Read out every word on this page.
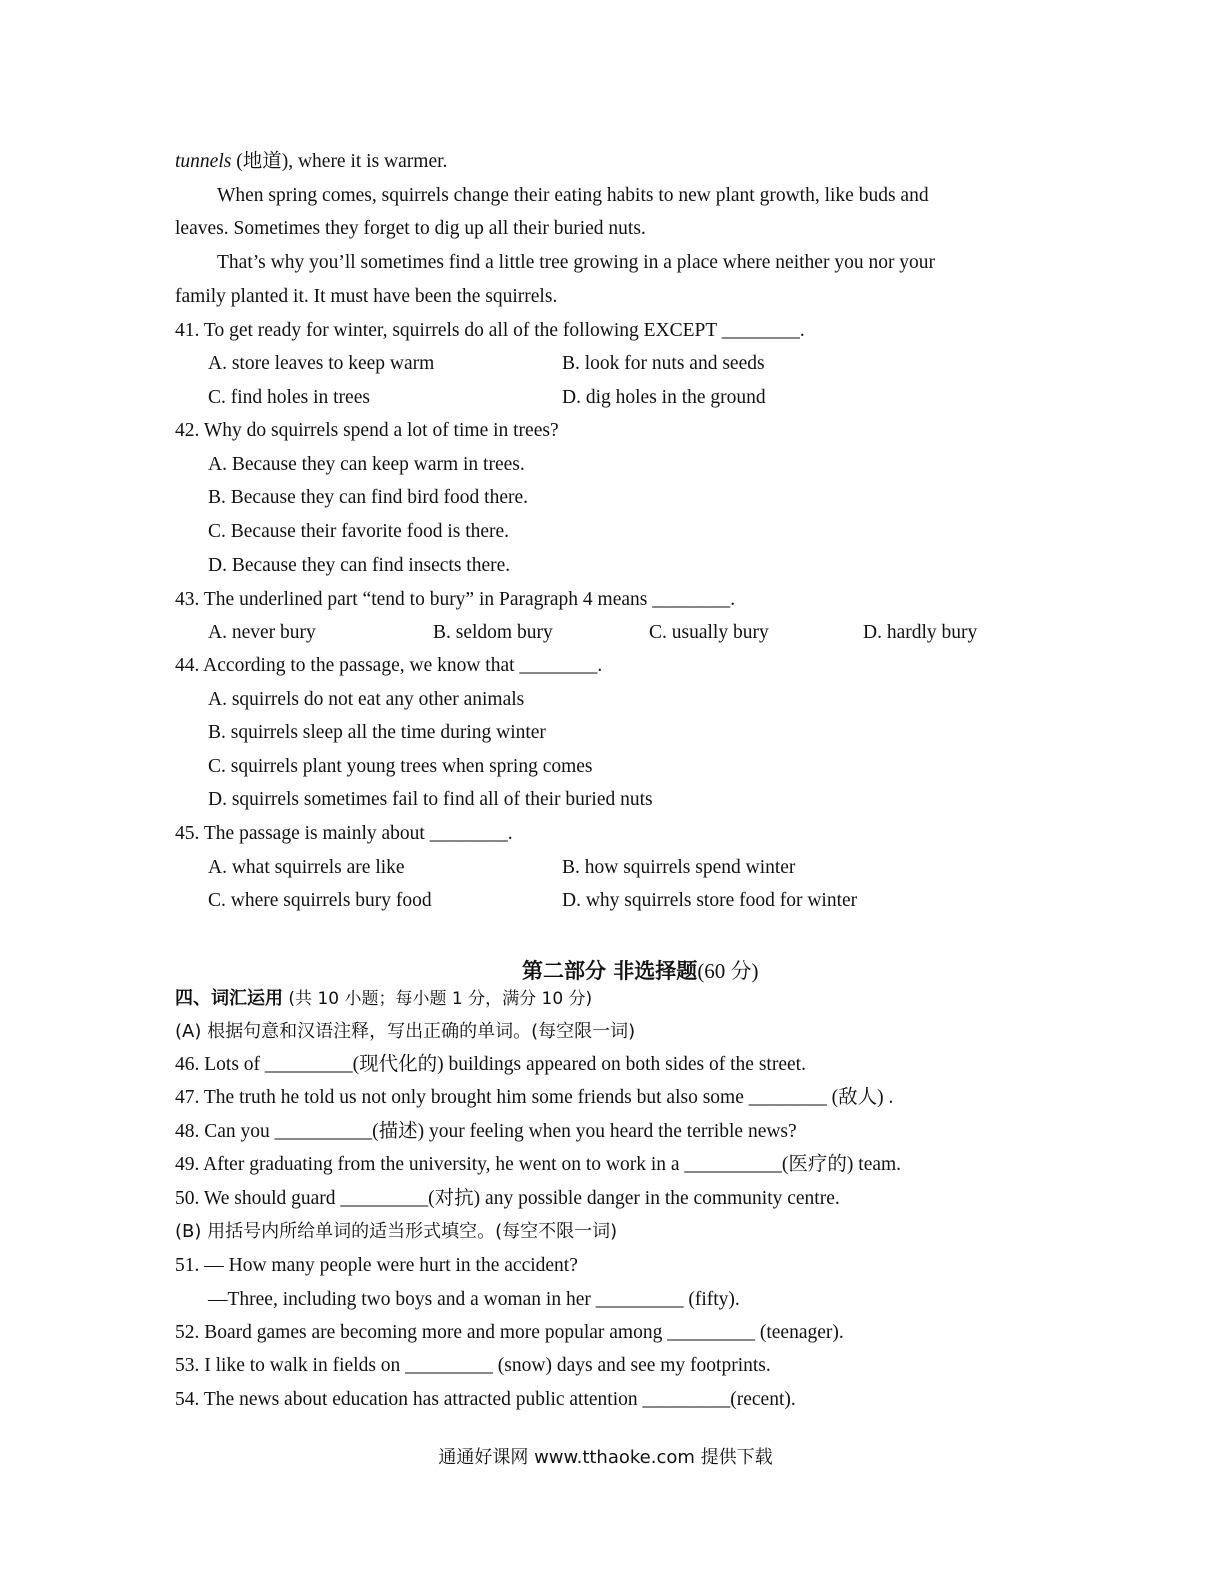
tunnels (地道), where it is warmer.
When spring comes, squirrels change their eating habits to new plant growth, like buds and
leaves. Sometimes they forget to dig up all their buried nuts.
That’s why you’ll sometimes find a little tree growing in a place where neither you nor your
family planted it. It must have been the squirrels.
41. To get ready for winter, squirrels do all of the following EXCEPT ________.
A. store leaves to keep warm	B. look for nuts and seeds
C. find holes in trees	D. dig holes in the ground
42. Why do squirrels spend a lot of time in trees?
A. Because they can keep warm in trees.
B. Because they can find bird food there.
C. Because their favorite food is there.
D. Because they can find insects there.
43. The underlined part “tend to bury” in Paragraph 4 means ________.
A. never bury	B. seldom bury	C. usually bury	D. hardly bury
44. According to the passage, we know that ________.
A. squirrels do not eat any other animals
B. squirrels sleep all the time during winter
C. squirrels plant young trees when spring comes
D. squirrels sometimes fail to find all of their buried nuts
45. The passage is mainly about ________.
A. what squirrels are like	B. how squirrels spend winter
C. where squirrels bury food	D. why squirrels store food for winter
第二部分 非选择题(60 分)
四、词汇运用 (共 10 小题；每小题 1 分，满分 10 分)
(A) 根据句意和汉语注释，写出正确的单词。(每空限一词)
46. Lots of _________(现代化的) buildings appeared on both sides of the street.
47. The truth he told us not only brought him some friends but also some ________ (敌人) .
48. Can you __________(描述) your feeling when you heard the terrible news?
49. After graduating from the university, he went on to work in a __________(医疗的) team.
50. We should guard _________(对抗) any possible danger in the community centre.
(B) 用括号内所给单词的适当形式填空。(每空不限一词)
51. — How many people were hurt in the accident?
—Three, including two boys and a woman in her _________ (fifty).
52. Board games are becoming more and more popular among _________ (teenager).
53. I like to walk in fields on _________ (snow) days and see my footprints.
54. The news about education has attracted public attention _________(recent).
通通好课网 www.tthaoke.com 提供下载
